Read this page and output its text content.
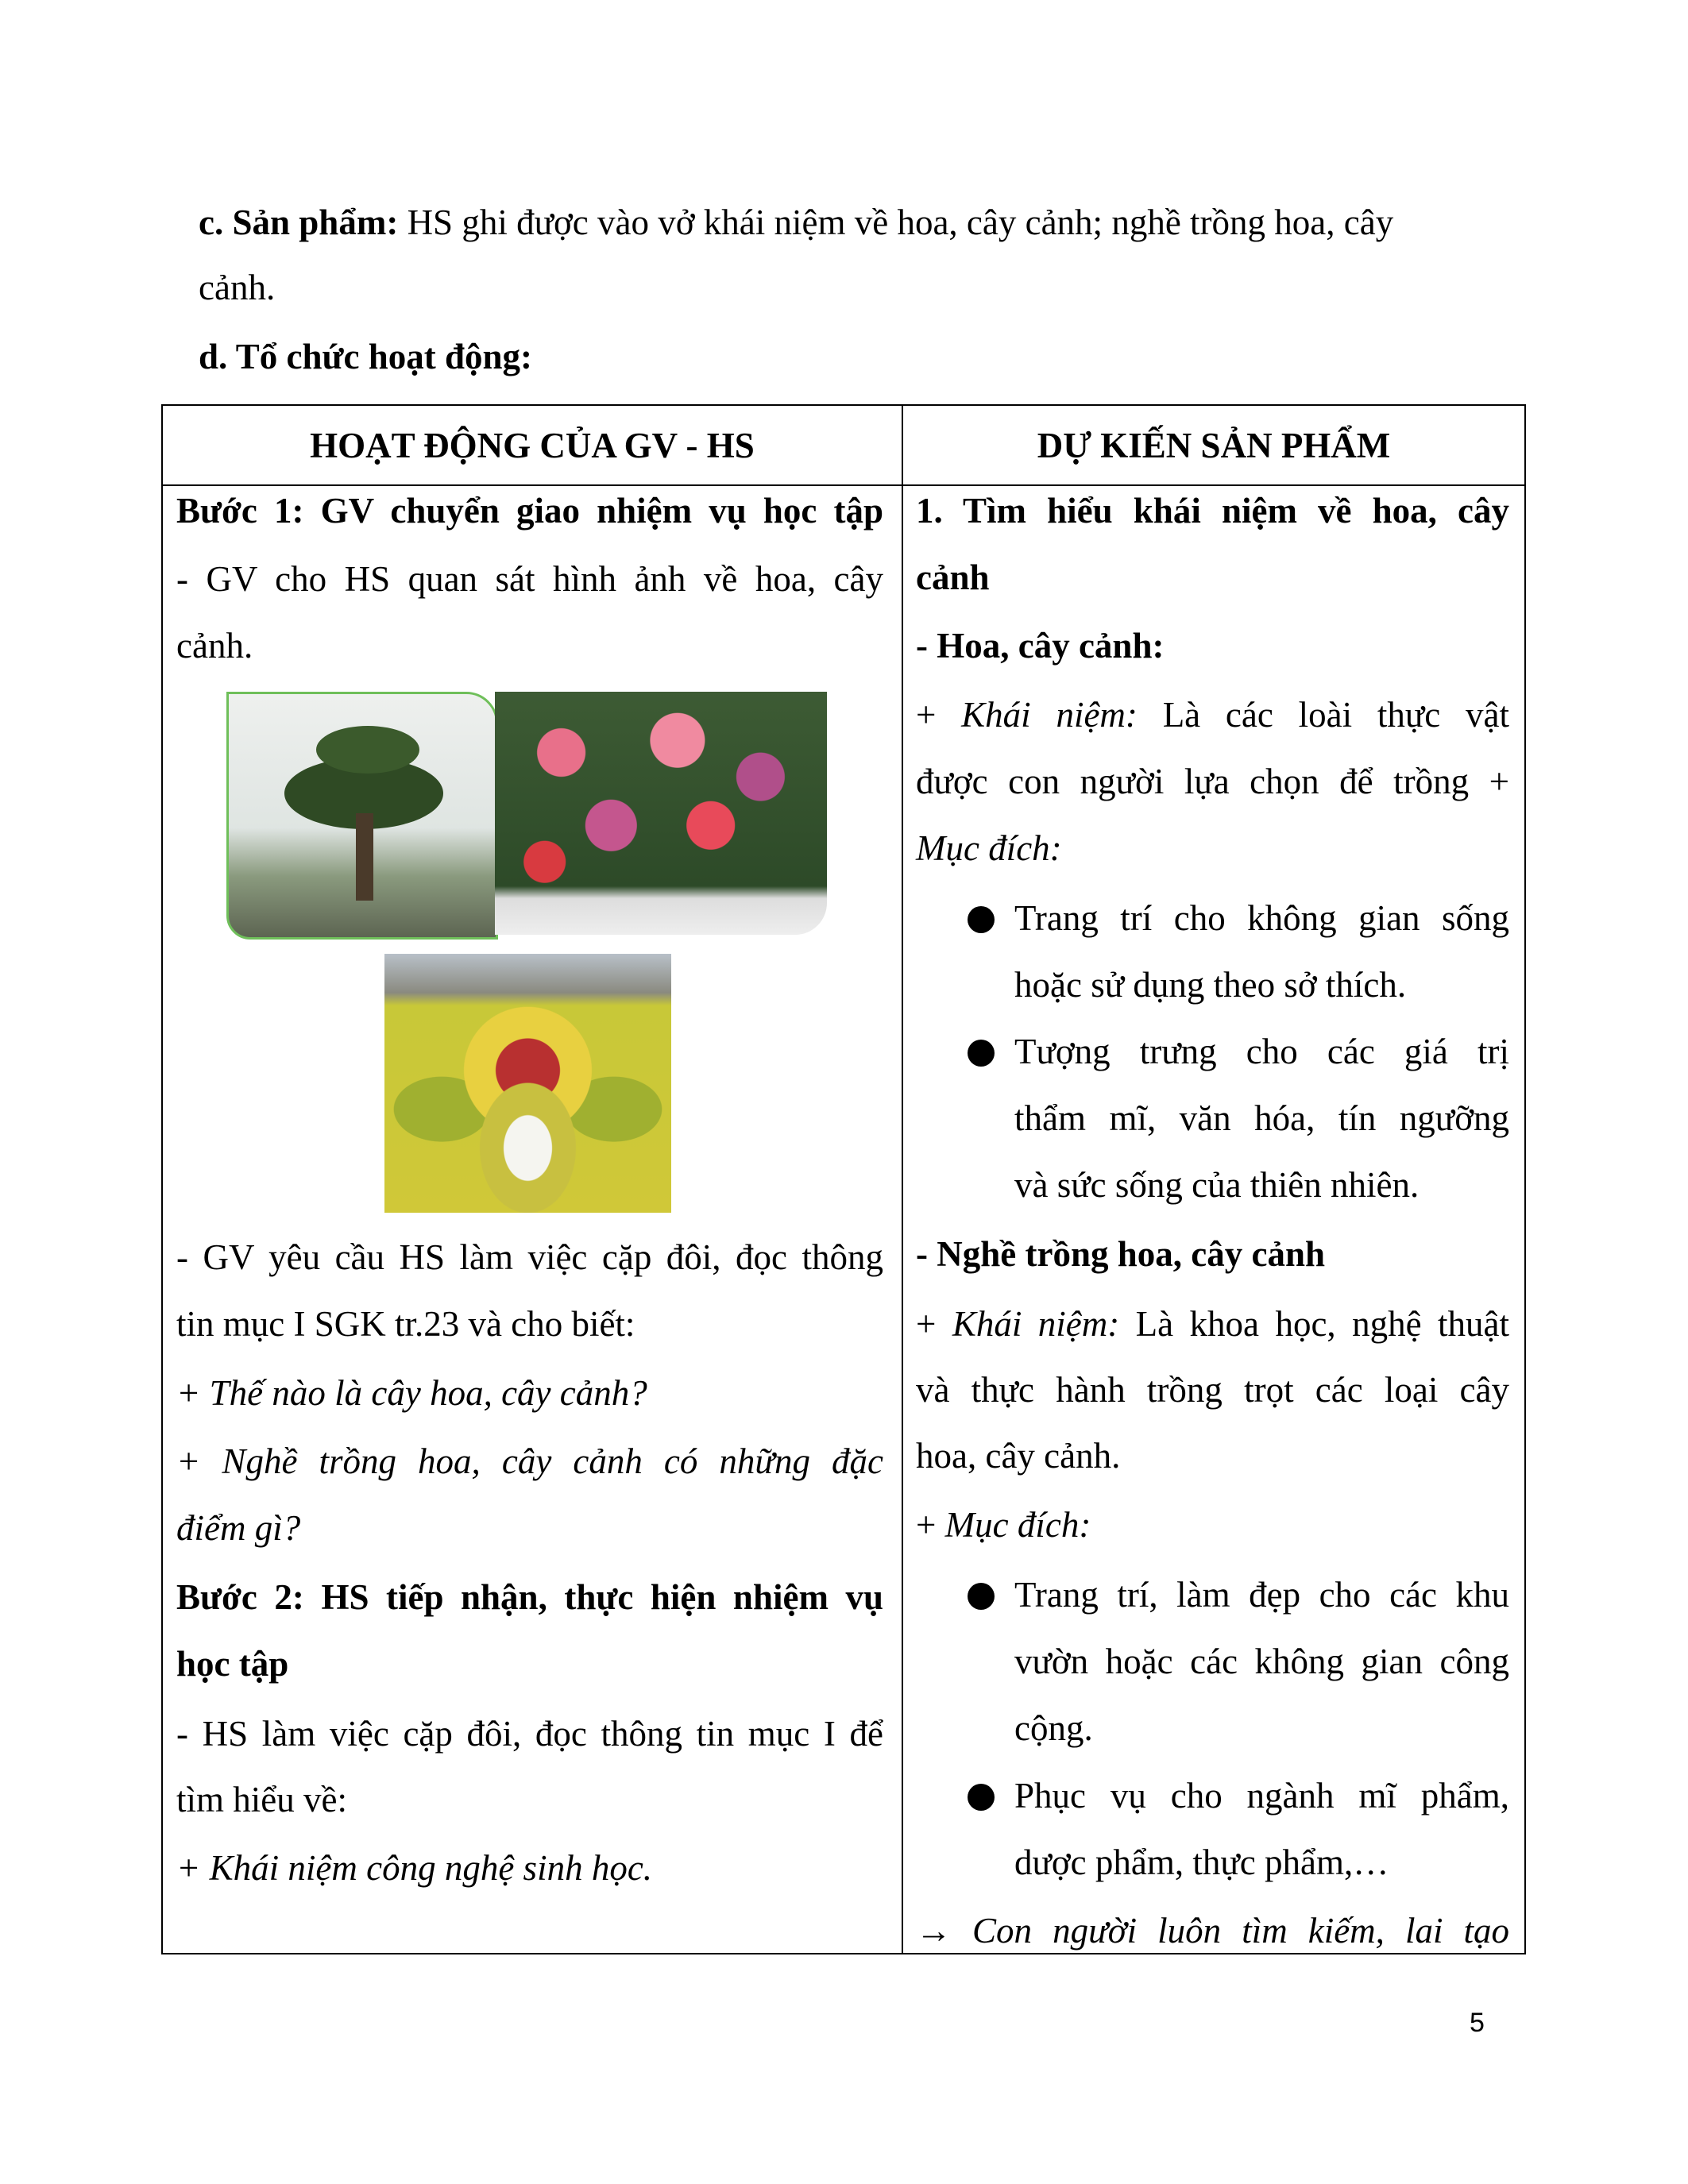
c. Sản phẩm: HS ghi được vào vở khái niệm về hoa, cây cảnh; nghề trồng hoa, cây
cảnh.
d. Tổ chức hoạt động:
HOẠT ĐỘNG CỦA GV - HS	DỰ KIẾN SẢN PHẨM
Bước 1: GV chuyển giao nhiệm vụ học tập
- GV cho HS quan sát hình ảnh về hoa, cây
cảnh.
- GV yêu cầu HS làm việc cặp đôi, đọc thông
tin mục I SGK tr.23 và cho biết:
+ Thế nào là cây hoa, cây cảnh?
+ Nghề trồng hoa, cây cảnh có những đặc
điểm gì?
Bước 2: HS tiếp nhận, thực hiện nhiệm vụ
học tập
- HS làm việc cặp đôi, đọc thông tin mục I để
tìm hiểu về:
+ Khái niệm công nghệ sinh học.
1. Tìm hiểu khái niệm về hoa, cây
cảnh
- Hoa, cây cảnh:
+ Khái niệm: Là các loài thực vật
được con người lựa chọn để trồng +
Mục đích:
Trang trí cho không gian sống
hoặc sử dụng theo sở thích.
Tượng trưng cho các giá trị
thẩm mĩ, văn hóa, tín ngưỡng
và sức sống của thiên nhiên.
- Nghề trồng hoa, cây cảnh
+ Khái niệm: Là khoa học, nghệ thuật
và thực hành trồng trọt các loại cây
hoa, cây cảnh.
+ Mục đích:
Trang trí, làm đẹp cho các khu
vườn hoặc các không gian công
cộng.
Phục vụ cho ngành mĩ phẩm,
dược phẩm, thực phẩm,…
→ Con người luôn tìm kiếm, lai tạo
5
